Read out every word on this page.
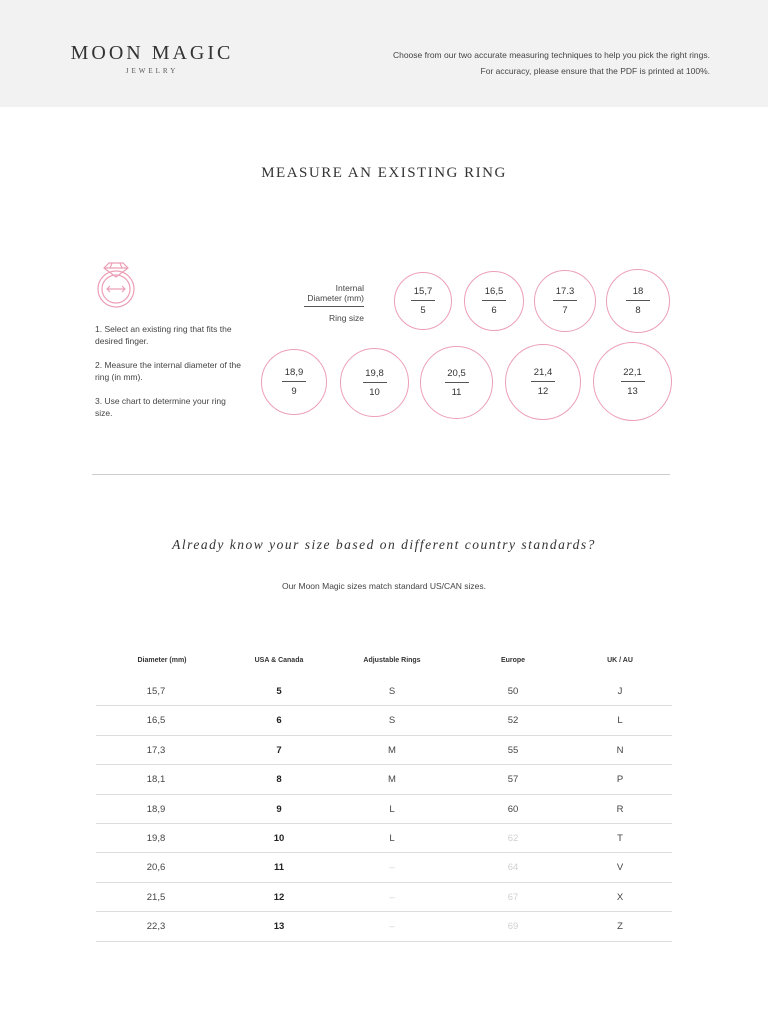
MOON MAGIC
JEWELRY
Choose from our two accurate measuring techniques to help you pick the right rings.
For accuracy, please ensure that the PDF is printed at 100%.
MEASURE AN EXISTING RING

1. Select an existing ring that fits the desired finger.

2. Measure the internal diameter of the ring (in mm).

3. Use chart to determine your ring size.

Internal Diameter (mm)
Ring size
15,7
5
16,5
6
17.3
7
18
8
18,9
9
19,8
10
20,5
11
21,4
12
22,1
13
Already know your size based on different country standards?
Our Moon Magic sizes match standard US/CAN sizes.
Diameter (mm)	USA & Canada	Adjustable Rings	Europe	UK / AU
15,7	5	S	50	J
16,5	6	S	52	L
17,3	7	M	55	N
18,1	8	M	57	P
18,9	9	L	60	R
19,8	10	L	62	T
20,6	11	–	64	V
21,5	12	–	67	X
22,3	13	–	69	Z
